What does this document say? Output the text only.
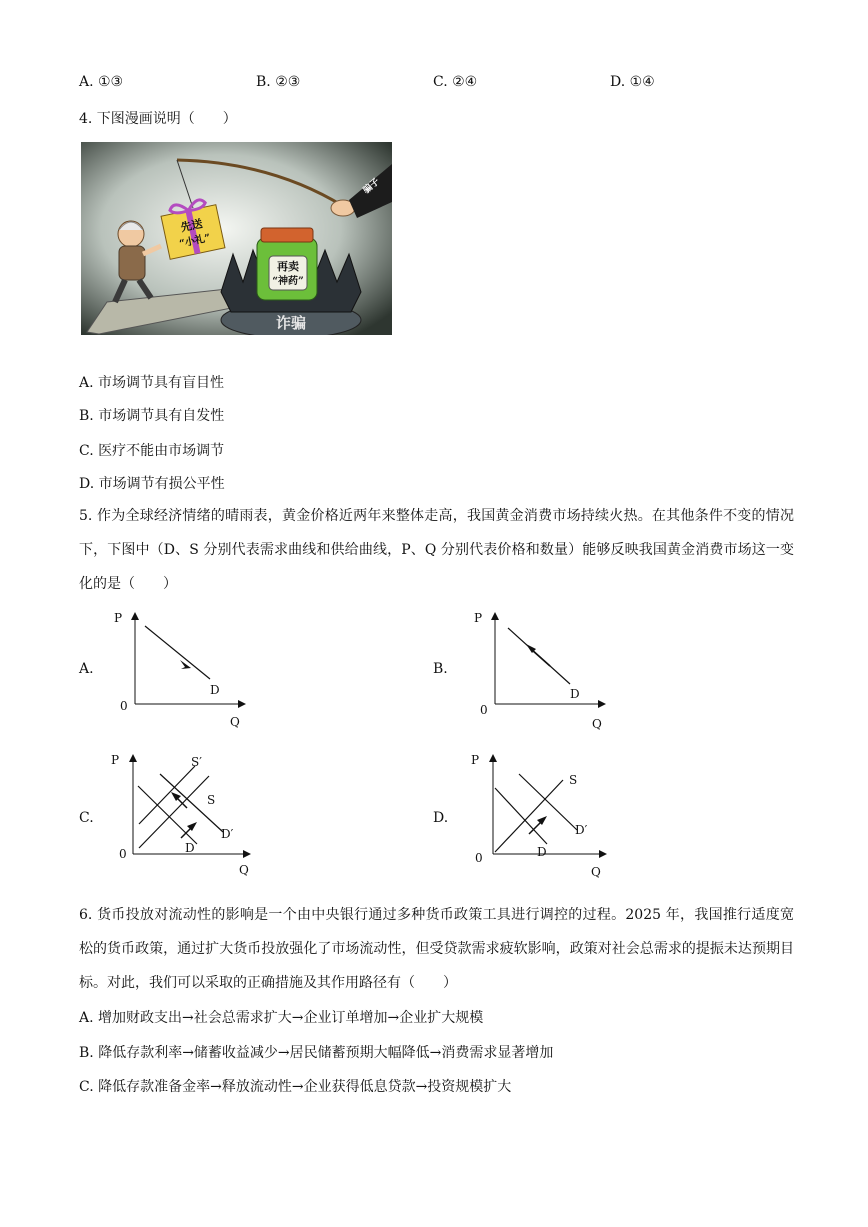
A. ①③	B. ②③	C. ②④	D. ①④
4. 下图漫画说明（　　）
诈骗
再卖
“神药”
骗子
先送
“小礼”
A. 市场调节具有盲目性
B. 市场调节具有自发性
C. 医疗不能由市场调节
D. 市场调节有损公平性
5. 作为全球经济情绪的晴雨表，黄金价格近两年来整体走高，我国黄金消费市场持续火热。在其他条件不变的情况下，下图中（D、S 分别代表需求曲线和供给曲线，P、Q 分别代表价格和数量）能够反映我国黄金消费市场这一变化的是（　　）
A.
P
Q
0
D
B.
P
Q
0
D
C.
P
Q
0
S′
S
D′
D
D.
P
Q
0
S
D′
D
6. 货币投放对流动性的影响是一个由中央银行通过多种货币政策工具进行调控的过程。2025 年，我国推行适度宽松的货币政策，通过扩大货币投放强化了市场流动性，但受贷款需求疲软影响，政策对社会总需求的提振未达预期目标。对此，我们可以采取的正确措施及其作用路径有（　　）
A. 增加财政支出→社会总需求扩大→企业订单增加→企业扩大规模
B. 降低存款利率→储蓄收益减少→居民储蓄预期大幅降低→消费需求显著增加
C. 降低存款准备金率→释放流动性→企业获得低息贷款→投资规模扩大
